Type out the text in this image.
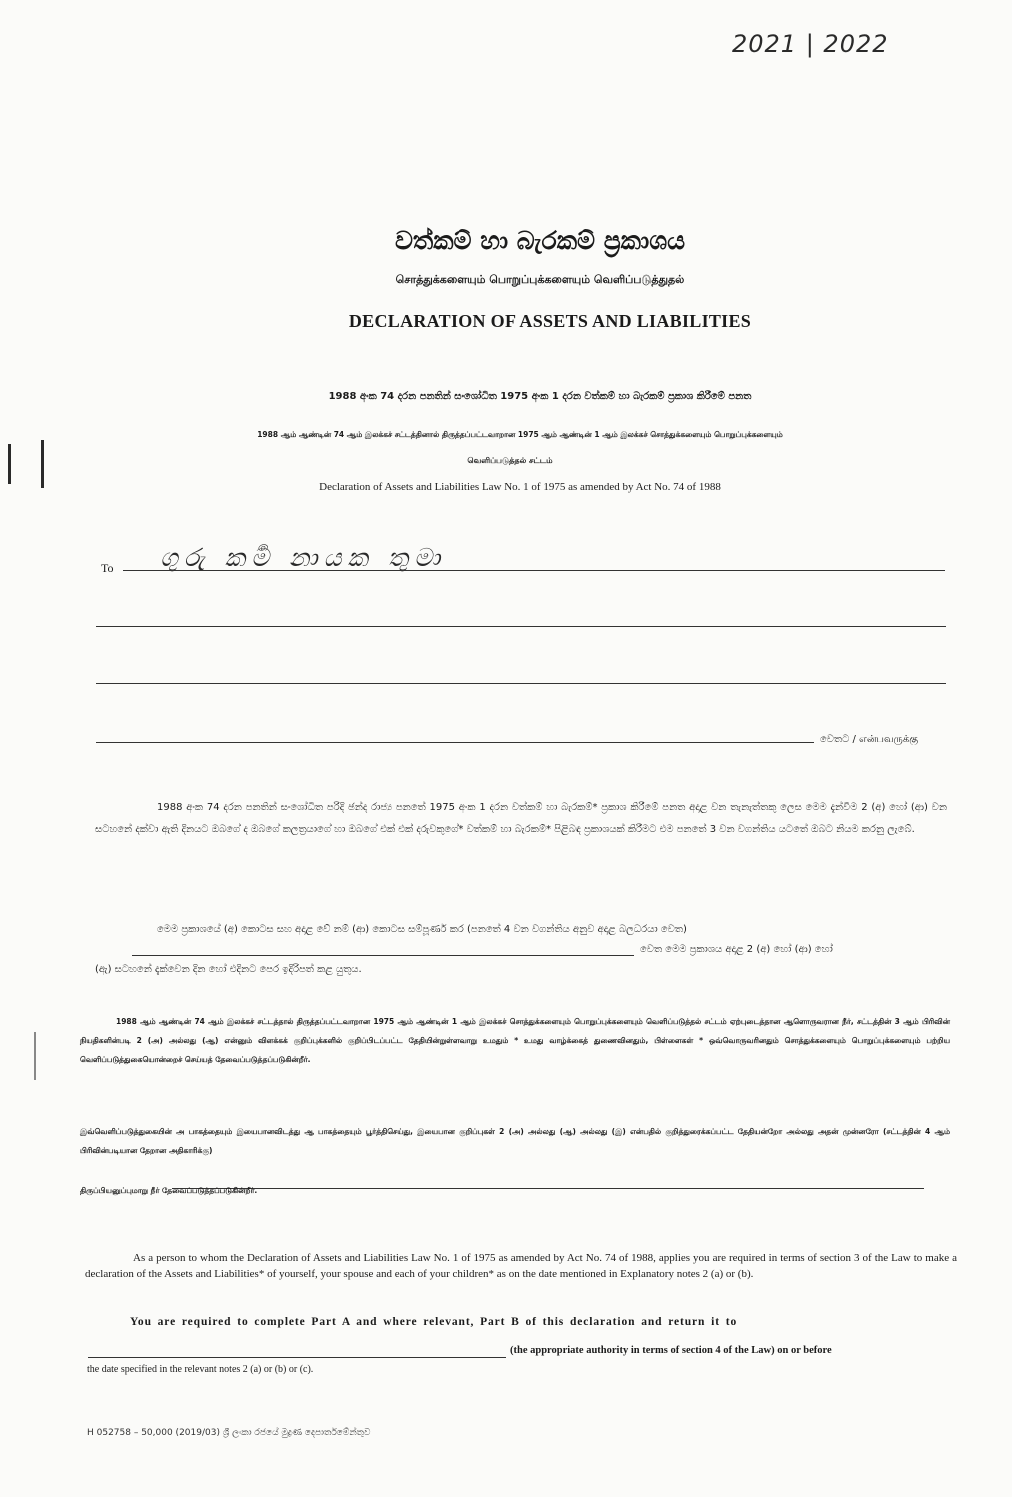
2021 | 2022
වත්කම් හා බැරකම් ප්‍රකාශය
சொத்துக்களையும் பொறுப்புக்களையும் வெளிப்படுத்துதல்
DECLARATION OF ASSETS AND LIABILITIES
1988 අංක 74 දරන පනතින් සංශෝධිත 1975 අංක 1 දරන වත්කම් හා බැරකම් ප්‍රකාශ කිරීමේ පනත
1988 ஆம் ஆண்டின் 74 ஆம் இலக்கச் சட்டத்தினால் திருத்தப்பட்டவாறான 1975 ஆம் ஆண்டின் 1 ஆம் இலக்கச் சொத்துக்களையும் பொறுப்புக்களையும்
வெளிப்படுத்தல் சட்டம்
Declaration of Assets and Liabilities Law No. 1 of 1975 as amended by Act No. 74 of 1988
To ගුරු කර්‍ම නායක තුමා
වෙතට / என்பவருக்கு
1988 අංක 74 දරන පනතින් සංශෝධිත පරිදි ඡන්ද රාජ්‍ය පනතේ 1975 අංක 1 දරන වත්කම් හා බැරකම්* ප්‍රකාශ කිරීමේ පනත අදාළ වන තැනැත්තකු ලෙස මෙම දැන්වීම 2 (අ) හෝ (ආ) වන සටහනේ දක්වා ඇති දිනයට ඔබගේ ද ඔබගේ කලත්‍රයාගේ හා ඔබගේ එක් එක් දරුවකුගේ* වත්කම් හා බැරකම්* පිළිබඳ ප්‍රකාශයක් කිරීමට එම පනතේ 3 වන වගන්තිය යටතේ ඔබට නියම කරනු ලැබේ.
මෙම ප්‍රකාශයේ (අ) කොටස සහ අදාළ වේ නම් (ආ) කොටස සම්පූර්ණ කර (පනතේ 4 වන වගන්තිය අනුව අදාළ බලධරයා වෙත)
වෙත මෙම ප්‍රකාශය අදාළ 2 (අ) හෝ (ආ) හෝ
(ඇ) සටහනේ දැක්වෙන දින හෝ එදිනට පෙර ඉදිරිපත් කළ යුතුය.
1988 ஆம் ஆண்டின் 74 ஆம் இலக்கச் சட்டத்தால் திருத்தப்பட்டவாறான 1975 ஆம் ஆண்டின் 1 ஆம் இலக்கச் சொத்துக்களையும் பொறுப்புக்களையும் வெளிப்படுத்தல் சட்டம் ஏற்புடைத்தான ஆளொருவரான நீர், சட்டத்தின் 3 ஆம் பிரிவின் நியதிகளின்படி 2 (அ) அல்லது (ஆ) என்னும் விளக்கக் குறிப்புக்களில் குறிப்பிடப்பட்ட தேதியின்றுள்ளவாறு உமதும் * உமது வாழ்க்கைத் துணைவினதும், பிள்ளைகள் * ஒவ்வொருவரினதும் சொத்துக்களையும் பொறுப்புக்களையும் பற்றிய வெளிப்படுத்துகையொன்றைச் செய்யத் தேவைப்படுத்தப்படுகின்றீர்.
இவ்வெளிப்படுத்துகையின் அ பாகத்தையும் இயைபானவிடத்து ஆ பாகத்தையும் பூர்த்திசெய்து, இயைபான குறிப்புகள் 2 (அ) அல்லது (ஆ) அல்லது (இ) என்பதில் குறித்துரைக்கப்பட்ட தேதியன்றோ அல்லது அதன் முன்னரோ (சட்டத்தின் 4 ஆம் பிரிவின்படியான தேறான அதிகாரிக்கு)
திருப்பியனுப்புமாறு நீர் தேவைப்படுத்தப்படுகின்றீர்.
As a person to whom the Declaration of Assets and Liabilities Law No. 1 of 1975 as amended by Act No. 74 of 1988, applies you are required in terms of section 3 of the Law to make a declaration of the Assets and Liabilities* of yourself, your spouse and each of your children* as on the date mentioned in Explanatory notes 2 (a) or (b).
You are required to complete Part A and where relevant, Part B of this declaration and return it to
(the appropriate authority in terms of section 4 of the Law) on or before
the date specified in the relevant notes 2 (a) or (b) or (c).
H 052758 – 50,000 (2019/03) ශ්‍රී ලංකා රජයේ මුද්‍රණ දෙපාර්තමේන්තුව
